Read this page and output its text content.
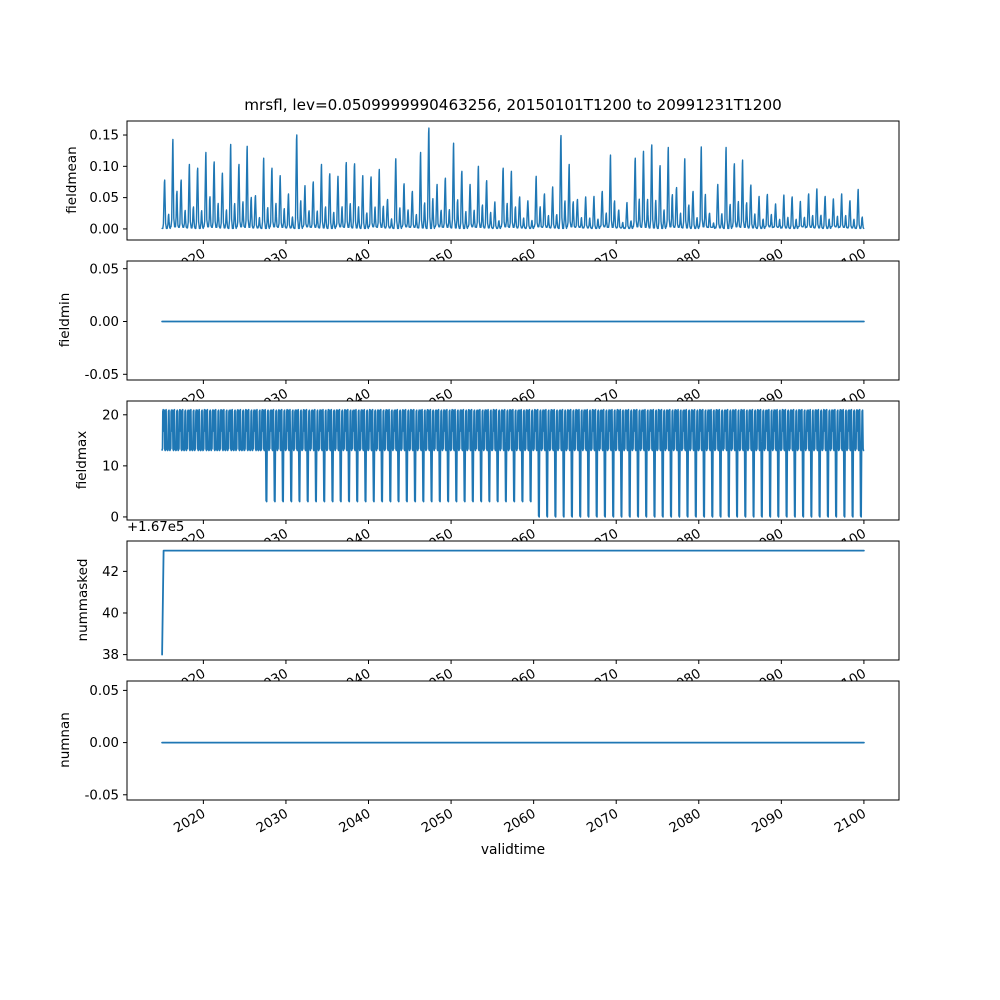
0.00
0.05
0.10
0.15
-0.05
0.00
0.05
0
10
20
38
40
42
-0.05
0.00
0.05
2020	2030	2040	2050	2060	2070	2080	2090	2100
mrsfl, lev=0.0509999990463256, 20150101T1200 to 20991231T1200
fieldmean
fieldmin
fieldmax
nummasked
numnan
+1.67e5
validtime
